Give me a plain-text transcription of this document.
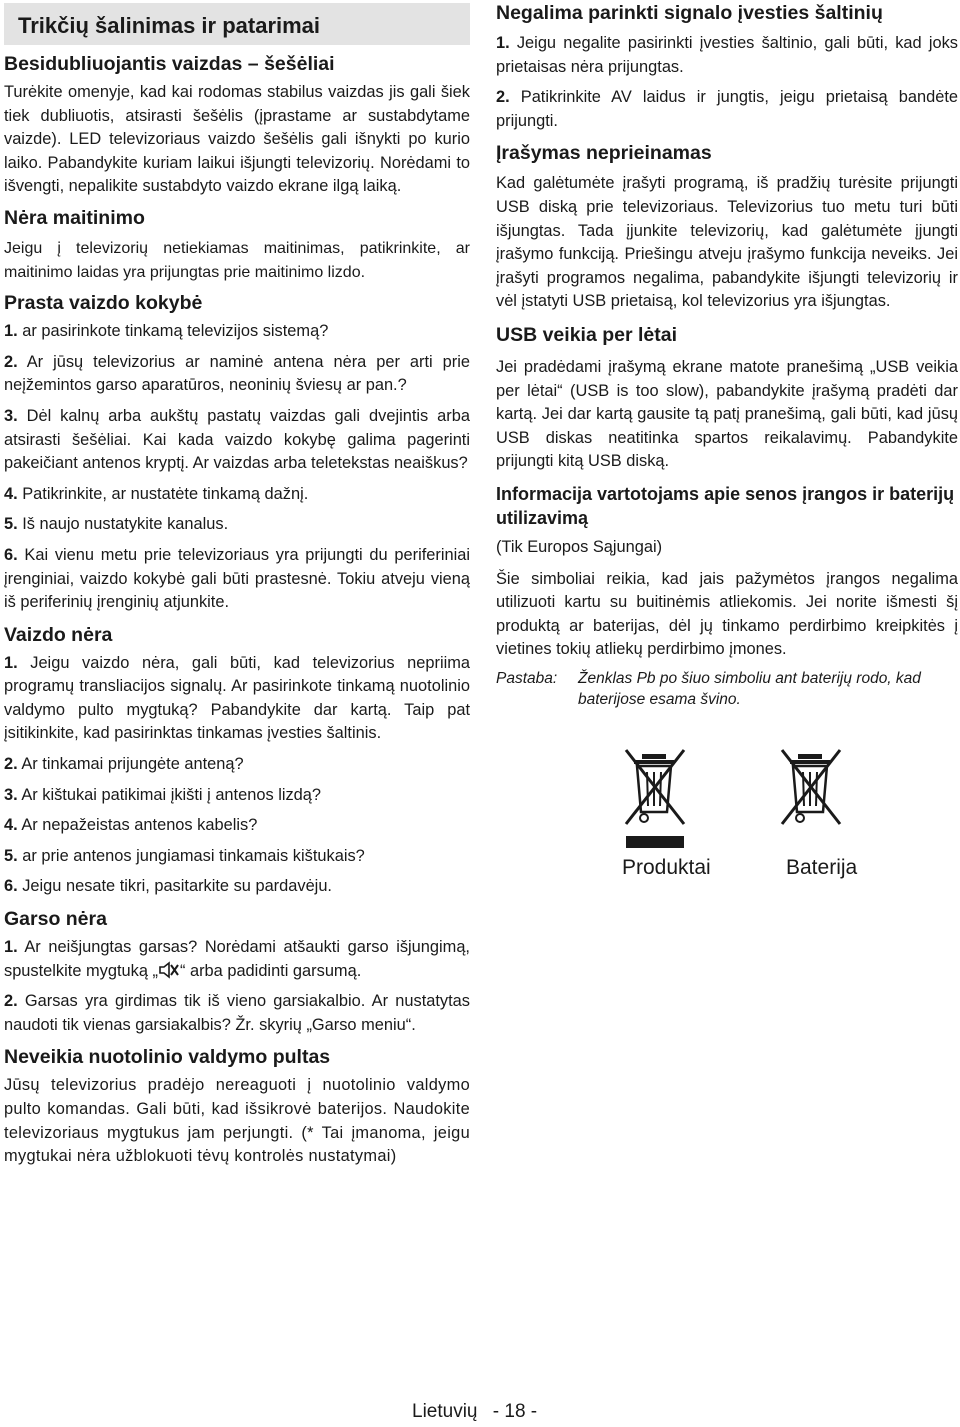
Trikčių šalinimas ir patarimai
Besidubliuojantis vaizdas – šešėliai

Turėkite omenyje, kad kai rodomas stabilus vaizdas jis gali šiek tiek dubliuotis, atsirasti šešėlis (įprastame ar sustabdytame vaizde). LED televizoriaus vaizdo šešėlis gali išnykti po kurio laiko. Pabandykite kuriam laikui išjungti televizorių. Norėdami to išvengti, nepalikite sustabdyto vaizdo ekrane ilgą laiką.

Nėra maitinimo

Jeigu į televizorių netiekiamas maitinimas, patikrinkite, ar maitinimo laidas yra prijungtas prie maitinimo lizdo.

Prasta vaizdo kokybė

1. ar pasirinkote tinkamą televizijos sistemą?

2. Ar jūsų televizorius ar naminė antena nėra per arti prie neįžemintos garso aparatūros, neoninių šviesų ar pan.?

3. Dėl kalnų arba aukštų pastatų vaizdas gali dvejintis arba atsirasti šešėliai. Kai kada vaizdo kokybę galima pagerinti pakeičiant antenos kryptį. Ar vaizdas arba teletekstas neaiškus?

4. Patikrinkite, ar nustatėte tinkamą dažnį.

5. Iš naujo nustatykite kanalus.

6. Kai vienu metu prie televizoriaus yra prijungti du periferiniai įrenginiai, vaizdo kokybė gali būti prastesnė. Tokiu atveju vieną iš periferinių įrenginių atjunkite.

Vaizdo nėra

1. Jeigu vaizdo nėra, gali būti, kad televizorius nepriima programų transliacijos signalų. Ar pasirinkote tinkamą nuotolinio valdymo pulto mygtuką? Pabandykite dar kartą. Taip pat įsitikinkite, kad pasirinktas tinkamas įvesties šaltinis.

2. Ar tinkamai prijungėte anteną?

3. Ar kištukai patikimai įkišti į antenos lizdą?

4. Ar nepažeistas antenos kabelis?

5. ar prie antenos jungiamasi tinkamais kištukais?

6. Jeigu nesate tikri, pasitarkite su pardavėju.

Garso nėra

1. Ar neišjungtas garsas? Norėdami atšaukti garso išjungimą, spustelkite mygtuką „ “ arba padidinti garsumą.

2. Garsas yra girdimas tik iš vieno garsiakalbio. Ar nustatytas naudoti tik vienas garsiakalbis? Žr. skyrių „Garso meniu“.

Neveikia nuotolinio valdymo pultas

Jūsų televizorius pradėjo nereaguoti į nuotolinio valdymo pulto komandas. Gali būti, kad išsikrovė baterijos. Naudokite televizoriaus mygtukus jam perjungti. (* Tai įmanoma, jeigu mygtukai nėra užblokuoti tėvų kontrolės nustatymai)

Negalima parinkti signalo įvesties šaltinių

1. Jeigu negalite pasirinkti įvesties šaltinio, gali būti, kad joks prietaisas nėra prijungtas.

2. Patikrinkite AV laidus ir jungtis, jeigu prietaisą bandėte prijungti.

Įrašymas neprieinamas

Kad galėtumėte įrašyti programą, iš pradžių turėsite prijungti USB diską prie televizoriaus. Televizorius tuo metu turi būti išjungtas. Tada įjunkite televizorių, kad galėtumėte įjungti įrašymo funkciją. Priešingu atveju įrašymo funkcija neveiks. Jei įrašyti programos negalima, pabandykite išjungti televizorių ir vėl įstatyti USB prietaisą, kol televizorius yra išjungtas.

USB veikia per lėtai

Jei pradėdami įrašymą ekrane matote pranešimą „USB veikia per lėtai“ (USB is too slow), pabandykite įrašymą pradėti dar kartą. Jei dar kartą gausite tą patį pranešimą, gali būti, kad jūsų USB diskas neatitinka spartos reikalavimų. Pabandykite prijungti kitą USB diską.

Informacija vartotojams apie senos įrangos ir baterijų utilizavimą

(Tik Europos Sąjungai)

Šie simboliai reikia, kad jais pažymėtos įrangos negalima utilizuoti kartu su buitinėmis atliekomis. Jei norite išmesti šį produktą ar baterijas, dėl jų tinkamo perdirbimo kreipkitės į vietines tokių atliekų perdirbimo įmones.

Pastaba:	Ženklas Pb po šiuo simboliu ant baterijų rodo, kad baterijose esama švino.
Produktai	Baterija
Lietuvių - 18 -
